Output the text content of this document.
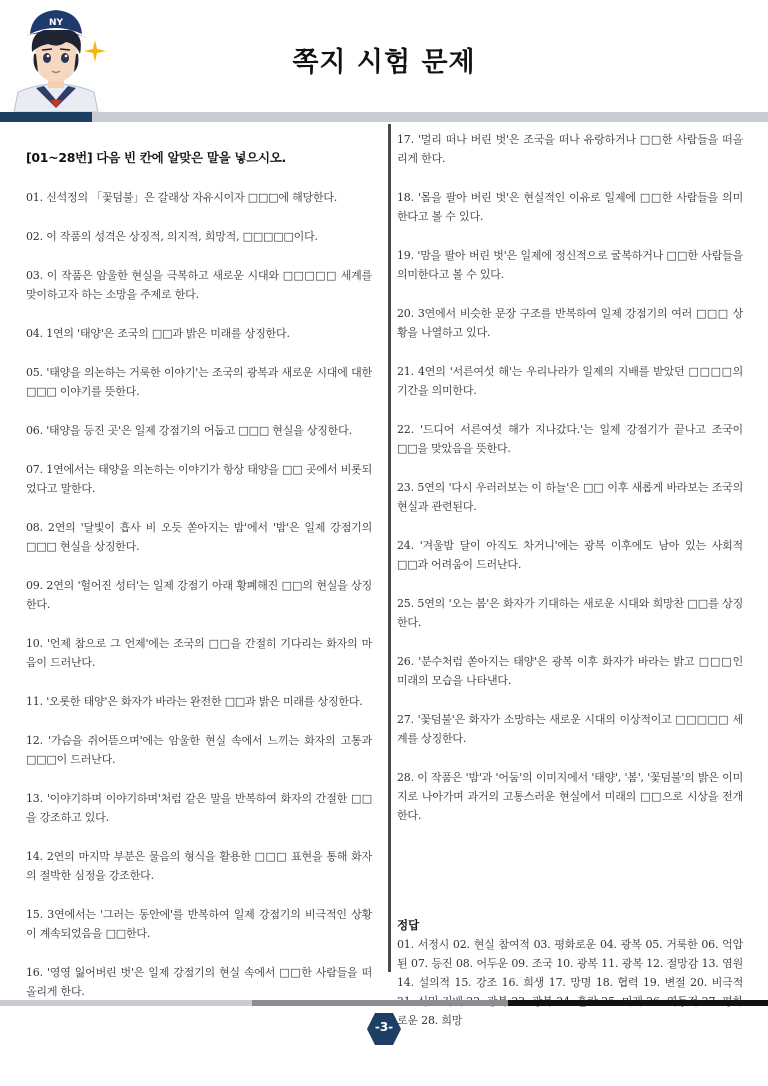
NY
쪽지 시험 문제
[01~28번] 다음 빈 칸에 알맞은 말을 넣으시오.
01. 신석정의 「꽃덤불」은 갈래상 자유시이자 □□□에 해당한다.
02. 이 작품의 성격은 상징적, 의지적, 희망적, □□□□□이다.
03. 이 작품은 암울한 현실을 극복하고 새로운 시대와 □□□□□ 세계를 맞이하고자 하는 소망을 주제로 한다.
04. 1연의 '태양'은 조국의 □□과 밝은 미래를 상징한다.
05. '태양을 의논하는 거룩한 이야기'는 조국의 광복과 새로운 시대에 대한 □□□ 이야기를 뜻한다.
06. '태양을 등진 곳'은 일제 강점기의 어둡고 □□□ 현실을 상징한다.
07. 1연에서는 태양을 의논하는 이야기가 항상 태양을 □□ 곳에서 비롯되었다고 말한다.
08. 2연의 '달빛이 흡사 비 오듯 쏟아지는 밤'에서 '밤'은 일제 강점기의 □□□ 현실을 상징한다.
09. 2연의 '헐어진 성터'는 일제 강점기 아래 황폐해진 □□의 현실을 상징한다.
10. '언제 참으로 그 언제'에는 조국의 □□을 간절히 기다리는 화자의 마음이 드러난다.
11. '오롯한 태양'은 화자가 바라는 완전한 □□과 밝은 미래를 상징한다.
12. '가슴을 쥐어뜯으며'에는 암울한 현실 속에서 느끼는 화자의 고통과 □□□이 드러난다.
13. '이야기하며 이야기하며'처럼 같은 말을 반복하여 화자의 간절한 □□을 강조하고 있다.
14. 2연의 마지막 부분은 물음의 형식을 활용한 □□□ 표현을 통해 화자의 절박한 심정을 강조한다.
15. 3연에서는 '그러는 동안에'를 반복하여 일제 강점기의 비극적인 상황이 계속되었음을 □□한다.
16. '영영 잃어버린 벗'은 일제 강점기의 현실 속에서 □□한 사람들을 떠올리게 한다.
17. '멀리 떠나 버린 벗'은 조국을 떠나 유랑하거나 □□한 사람들을 떠올리게 한다.
18. '몸을 팔아 버린 벗'은 현실적인 이유로 일제에 □□한 사람들을 의미한다고 볼 수 있다.
19. '맘을 팔아 버린 벗'은 일제에 정신적으로 굴복하거나 □□한 사람들을 의미한다고 볼 수 있다.
20. 3연에서 비슷한 문장 구조를 반복하여 일제 강점기의 여러 □□□ 상황을 나열하고 있다.
21. 4연의 '서른여섯 해'는 우리나라가 일제의 지배를 받았던 □□□□의 기간을 의미한다.
22. '드디어 서른여섯 해가 지나갔다.'는 일제 강점기가 끝나고 조국이 □□을 맞았음을 뜻한다.
23. 5연의 '다시 우러러보는 이 하늘'은 □□ 이후 새롭게 바라보는 조국의 현실과 관련된다.
24. '겨울밤 달이 아직도 차거니'에는 광복 이후에도 남아 있는 사회적 □□과 어려움이 드러난다.
25. 5연의 '오는 봄'은 화자가 기대하는 새로운 시대와 희망찬 □□를 상징한다.
26. '분수처럼 쏟아지는 태양'은 광복 이후 화자가 바라는 밝고 □□□인 미래의 모습을 나타낸다.
27. '꽃덤불'은 화자가 소망하는 새로운 시대의 이상적이고 □□□□□ 세계를 상징한다.
28. 이 작품은 '밤'과 '어둠'의 이미지에서 '태양', '봄', '꽃덤불'의 밝은 이미지로 나아가며 과거의 고통스러운 현실에서 미래의 □□으로 시상을 전개한다.
정답
01. 서정시 02. 현실 참여적 03. 평화로운 04. 광복 05. 거룩한 06. 억압된 07. 등진 08. 어두운 09. 조국 10. 광복 11. 광복 12. 절망감 13. 염원 14. 설의적 15. 강조 16. 희생 17. 망명 18. 협력 19. 변절 20. 비극적 로운 28. 희망
-3-
